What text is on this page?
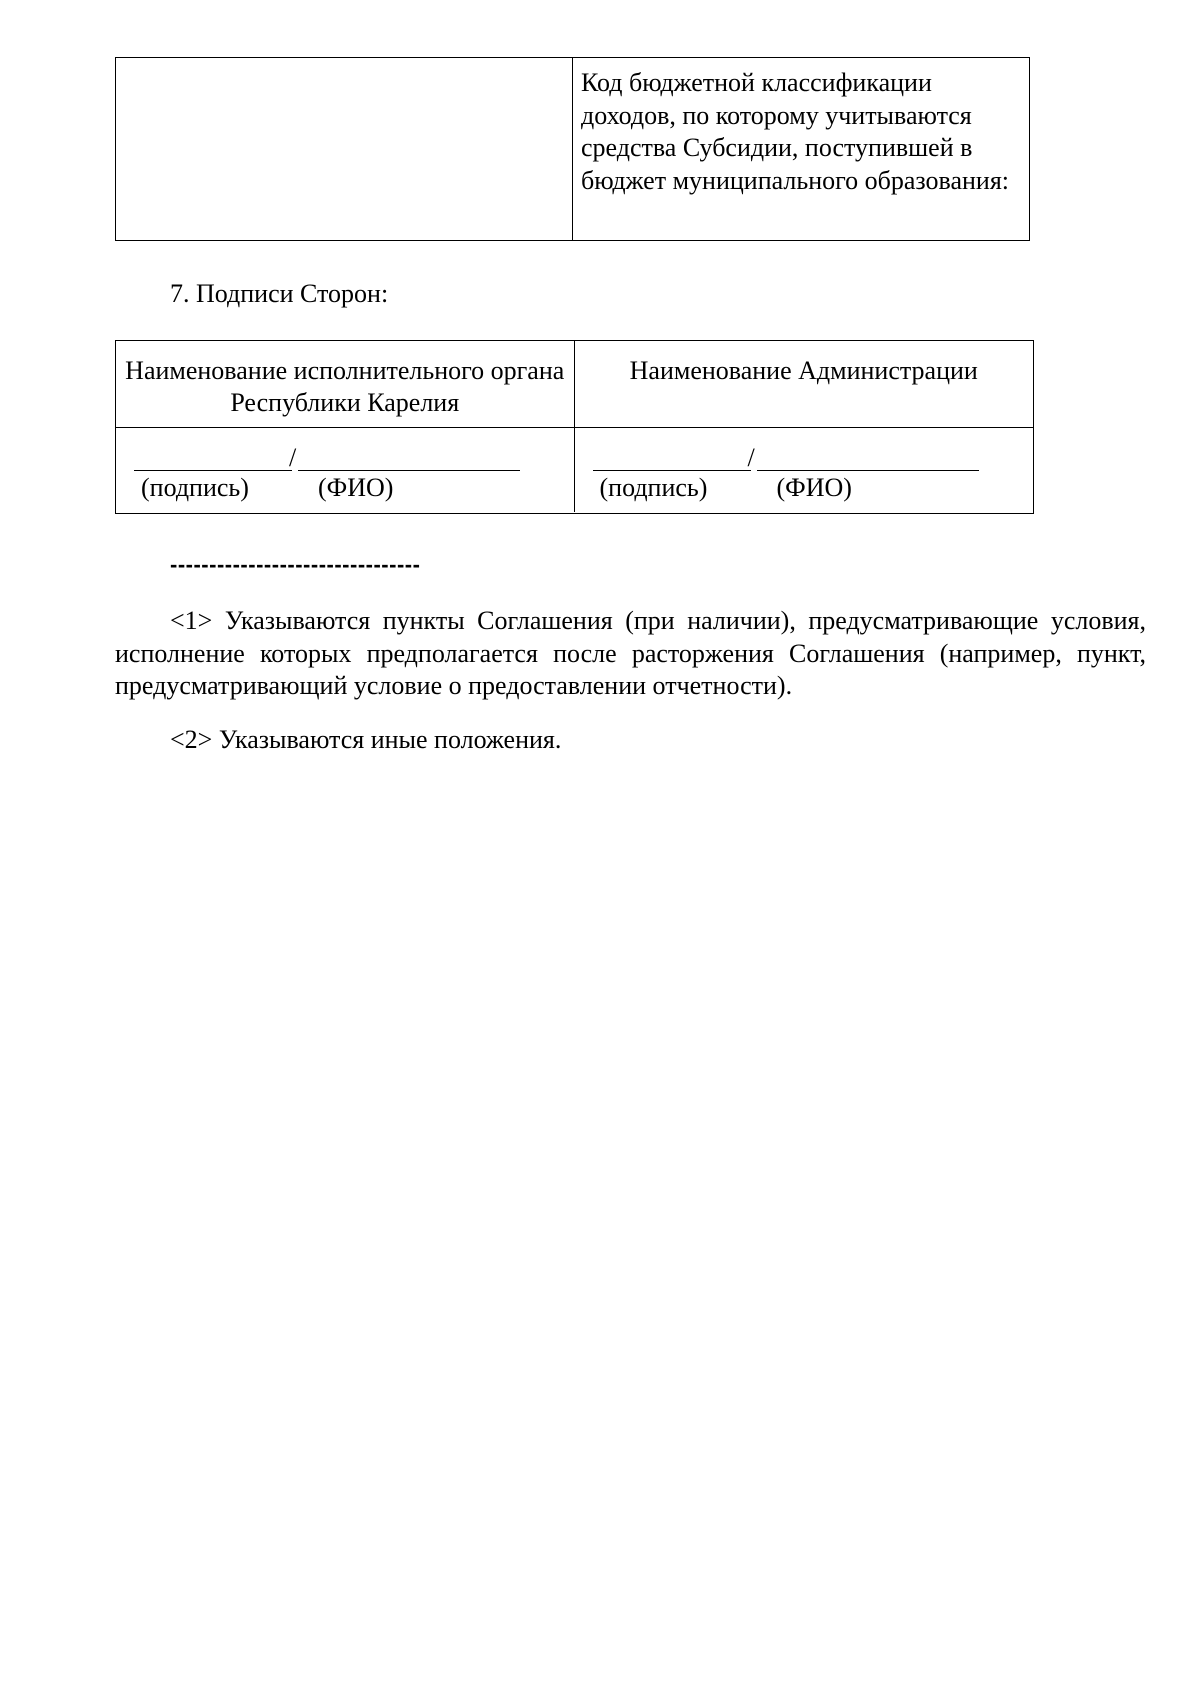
Код бюджетной классификации доходов, по которому учитываются средства Субсидии, поступившей в бюджет муниципального образования:
7. Подписи Сторон:
Наименование исполнительного органа Республики Карелия
Наименование Администрации
/
(подпись)	(ФИО)
/
(подпись)	(ФИО)
--------------------------------

<1> Указываются пункты Соглашения (при наличии), предусматривающие условия, исполнение которых предполагается после расторжения Соглашения (например, пункт, предусматривающий условие о предоставлении отчетности).

<2> Указываются иные положения.
